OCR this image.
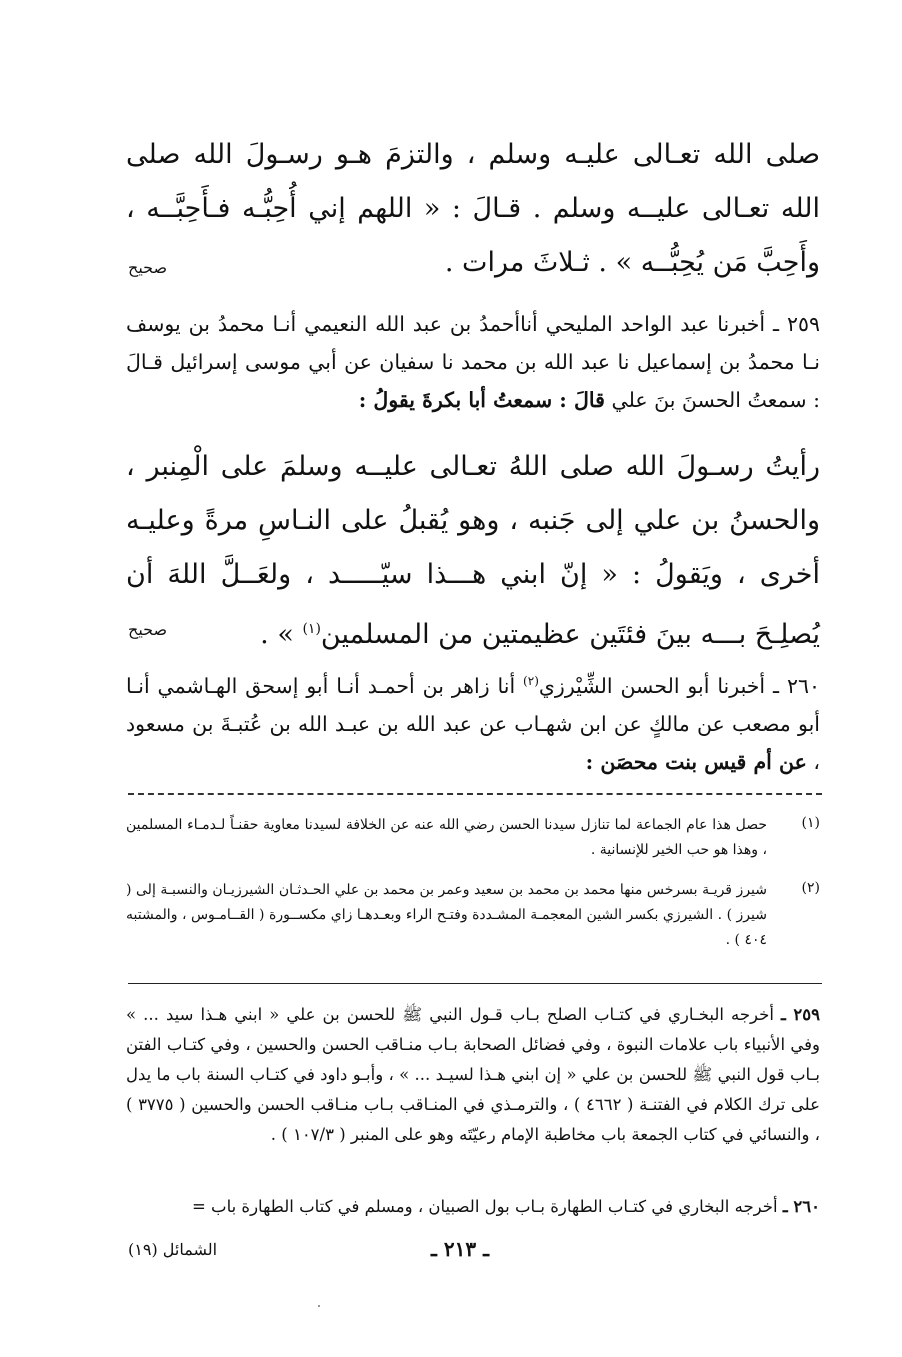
صلى الله تعـالى عليـه وسلم ، والتزمَ هـو رسـولَ الله صلى الله تعـالى عليــه وسلم . قـالَ : « اللهم إني أُحِبُّـه فـأَحِبَّــه ، وأَحِبَّ مَن يُحِبُّــه » . ثـلاثَ مرات .
صحيح
٢٥٩ ـ أخبرنا عبد الواحد المليحي أناأحمدُ بن عبد الله النعيمي أنـا محمدُ بن يوسف نـا محمدُ بن إسماعيل نا عبد الله بن محمد نا سفيان عن أبي موسى إسرائيل قـالَ : سمعتُ الحسنَ بنَ علي قالَ : سمعتُ أبا بكرةَ يقولُ :
رأيتُ رسـولَ الله صلى اللهُ تعـالى عليــه وسلمَ على الْمِنبر ، والحسنُ بن علي إلى جَنبه ، وهو يُقبلُ على النـاسِ مرةً وعليـه أخرى ، ويَقولُ : « إنّ ابني هـــذا سيّـــــد ، ولعَــلَّ اللهَ أن يُصلِـحَ بـــه بينَ فئتَين عظيمتين من المسلمين$^{(١)}$ » .
صحيح
٢٦٠ ـ أخبرنا أبو الحسن الشِّيْرزي$^{(٢)}$ أنا زاهر بن أحمـد أنـا أبو إسحق الهـاشمي أنـا أبو مصعب عن مالكٍ عن ابن شهـاب عن عبد الله بن عبـد الله بن عُتبـةَ بن مسعود ، عن أم قيس بنت محصَن :
(١)
حصل هذا عام الجماعة لما تنازل سيدنا الحسن رضي الله عنه عن الخلافة لسيدنا معاوية حقنـاً لـدمـاء المسلمين ، وهذا هو حب الخير للإنسانية .
(٢)
شيرز قريـة بسرخس منها محمد بن محمد بن سعيد وعمر بن محمد بن علي الحـدثـان الشيرزيـان والنسبـة إلى ( شيرز ) . الشيرزي بكسر الشين المعجمـة المشـددة وفتـح الراء وبعـدهـا زاي مكســورة ( القــامـوس ، والمشتبه ٤٠٤ ) .
٢٥٩ ـ أخرجه البخـاري في كتـاب الصلح بـاب قـول النبي ﷺ للحسن بن علي « ابني هـذا سيد ... » وفي الأنبياء باب علامات النبوة ، وفي فضائل الصحابة بـاب منـاقب الحسن والحسين ، وفي كتـاب الفتن بـاب قول النبي ﷺ للحسن بن علي « إن ابني هـذا لسيـد ... » ، وأبـو داود في كتـاب السنة باب ما يدل على ترك الكلام في الفتنـة ( ٤٦٦٢ ) ، والترمـذي في المنـاقب بـاب منـاقب الحسن والحسين ( ٣٧٧٥ ) ، والنسائي في كتاب الجمعة باب مخاطبة الإمام رعيّتَه وهو على المنبر ( ١٠٧/٣ ) .
٢٦٠ ـ أخرجه البخاري في كتـاب الطهارة بـاب بول الصبيان ، ومسلم في كتاب الطهارة باب =
ـ ٢١٣ ـ
الشمائل (١٩)
